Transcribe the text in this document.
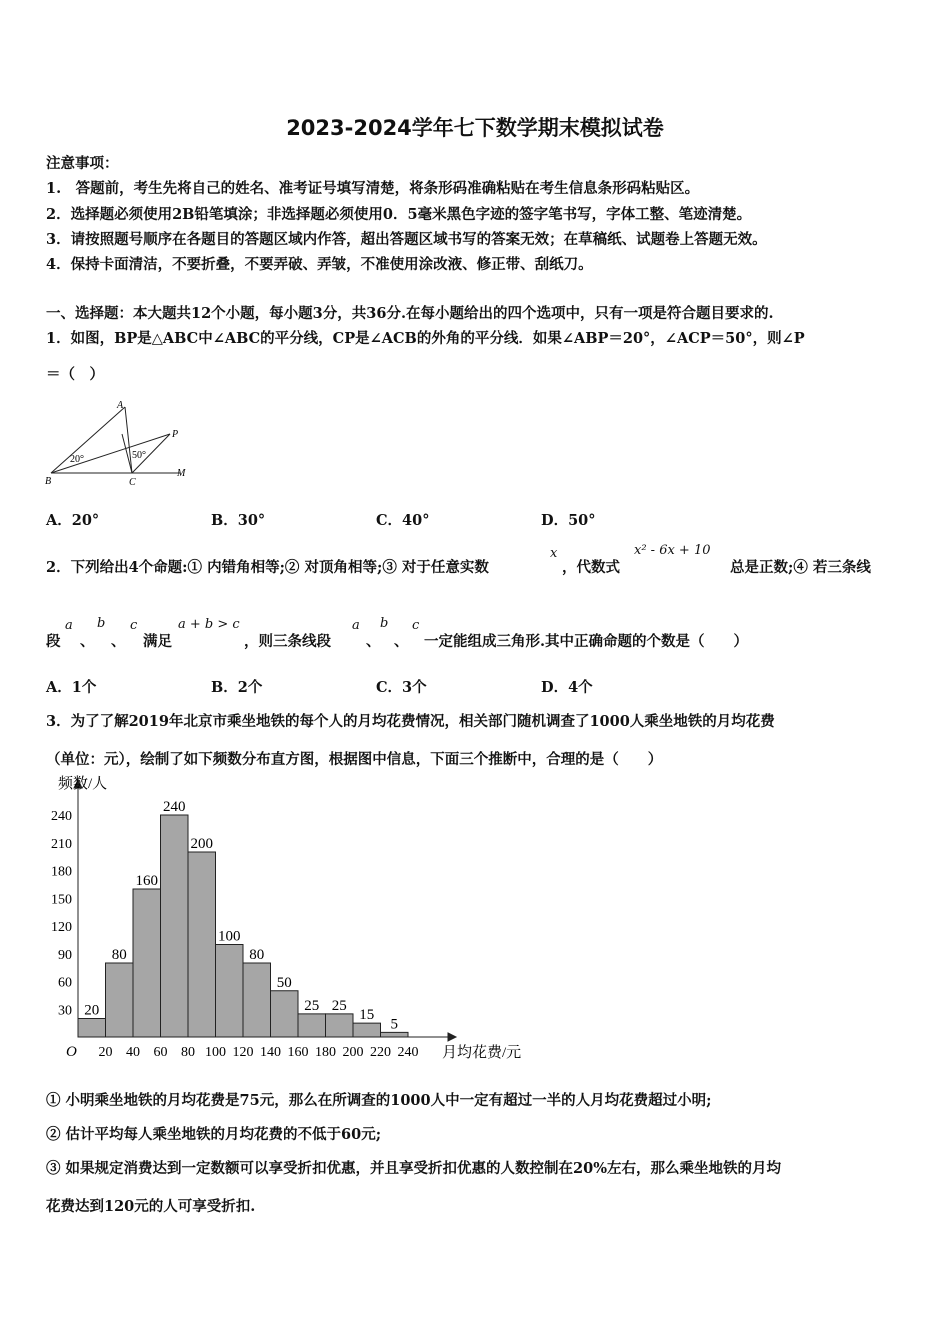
2023-2024学年七下数学期末模拟试卷
注意事项：
1.　答题前，考生先将自己的姓名、准考证号填写清楚，将条形码准确粘贴在考生信息条形码粘贴区。
2．选择题必须使用2B铅笔填涂；非选择题必须使用0．5毫米黑色字迹的签字笔书写，字体工整、笔迹清楚。
3．请按照题号顺序在各题目的答题区域内作答，超出答题区域书写的答案无效；在草稿纸、试题卷上答题无效。
4．保持卡面清洁，不要折叠，不要弄破、弄皱，不准使用涂改液、修正带、刮纸刀。
一、选择题：本大题共12个小题，每小题3分，共36分.在每小题给出的四个选项中，只有一项是符合题目要求的.
1．如图，BP是△ABC中∠ABC的平分线，CP是∠ACB的外角的平分线．如果∠ABP＝20°，∠ACP＝50°，则∠P
＝（　）
A
B	C
P
M
20°	50°
A．20°	B．30°	C．40°	D．50°
2．下列给出4个命题:① 内错角相等;② 对顶角相等;③ 对于任意实数
x
，代数式
x² - 6x + 10
总是正数;④ 若三条线
段
a
、
b
、
c
满足
a + b > c
，则三条线段
a
、
b
、
c
一定能组成三角形.其中正确命题的个数是（　　）
A．1个	B．2个	C．3个	D．4个
3．为了了解2019年北京市乘坐地铁的每个人的月均花费情况，相关部门随机调查了1000人乘坐地铁的月均花费
（单位：元），绘制了如下频数分布直方图，根据图中信息，下面三个推断中，合理的是（　　）
20
80
160
240
200
100
80
50
25 25
15
5
30
60
90
120
150
180
210
240
20 40 60 80 100 120 140 160 180 200 220 240
频数/人
月均花费/元
O
① 小明乘坐地铁的月均花费是75元，那么在所调查的1000人中一定有超过一半的人月均花费超过小明;
② 估计平均每人乘坐地铁的月均花费的不低于60元;
③ 如果规定消费达到一定数额可以享受折扣优惠，并且享受折扣优惠的人数控制在20%左右，那么乘坐地铁的月均
花费达到120元的人可享受折扣.
